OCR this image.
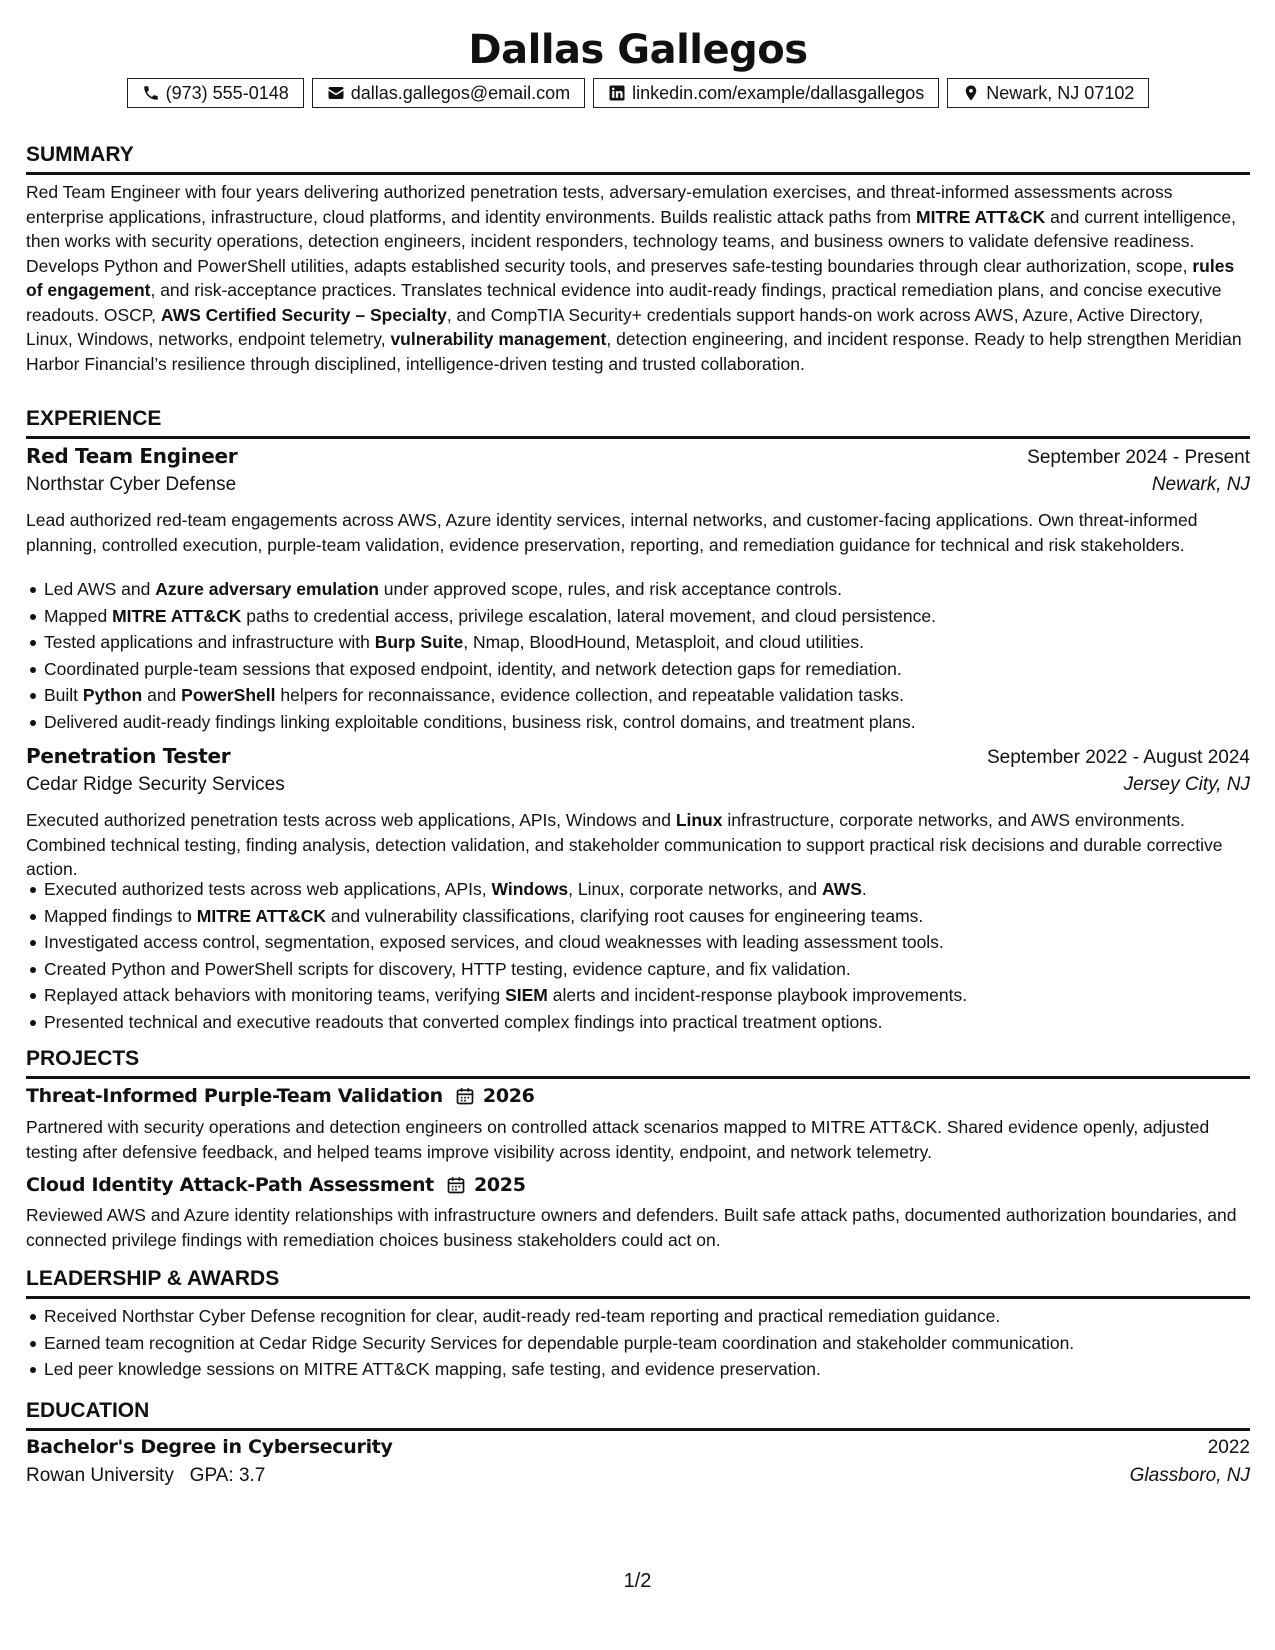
Dallas Gallegos
(973) 555-0148	dallas.gallegos@email.com	linkedin.com/example/dallasgallegos	Newark, NJ 07102
SUMMARY
Red Team Engineer with four years delivering authorized penetration tests, adversary-emulation exercises, and threat-informed assessments across enterprise applications, infrastructure, cloud platforms, and identity environments. Builds realistic attack paths from MITRE ATT&CK and current intelligence, then works with security operations, detection engineers, incident responders, technology teams, and business owners to validate defensive readiness. Develops Python and PowerShell utilities, adapts established security tools, and preserves safe-testing boundaries through clear authorization, scope, rules of engagement, and risk-acceptance practices. Translates technical evidence into audit-ready findings, practical remediation plans, and concise executive readouts. OSCP, AWS Certified Security – Specialty, and CompTIA Security+ credentials support hands-on work across AWS, Azure, Active Directory, Linux, Windows, networks, endpoint telemetry, vulnerability management, detection engineering, and incident response. Ready to help strengthen Meridian Harbor Financial’s resilience through disciplined, intelligence-driven testing and trusted collaboration.
EXPERIENCE
Red Team Engineer	September 2024 - Present
Northstar Cyber Defense	Newark, NJ
Lead authorized red-team engagements across AWS, Azure identity services, internal networks, and customer-facing applications. Own threat-informed planning, controlled execution, purple-team validation, evidence preservation, reporting, and remediation guidance for technical and risk stakeholders.
Led AWS and Azure adversary emulation under approved scope, rules, and risk acceptance controls.
Mapped MITRE ATT&CK paths to credential access, privilege escalation, lateral movement, and cloud persistence.
Tested applications and infrastructure with Burp Suite, Nmap, BloodHound, Metasploit, and cloud utilities.
Coordinated purple-team sessions that exposed endpoint, identity, and network detection gaps for remediation.
Built Python and PowerShell helpers for reconnaissance, evidence collection, and repeatable validation tasks.
Delivered audit-ready findings linking exploitable conditions, business risk, control domains, and treatment plans.
Penetration Tester	September 2022 - August 2024
Cedar Ridge Security Services	Jersey City, NJ
Executed authorized penetration tests across web applications, APIs, Windows and Linux infrastructure, corporate networks, and AWS environments. Combined technical testing, finding analysis, detection validation, and stakeholder communication to support practical risk decisions and durable corrective action.
Executed authorized tests across web applications, APIs, Windows, Linux, corporate networks, and AWS.
Mapped findings to MITRE ATT&CK and vulnerability classifications, clarifying root causes for engineering teams.
Investigated access control, segmentation, exposed services, and cloud weaknesses with leading assessment tools.
Created Python and PowerShell scripts for discovery, HTTP testing, evidence capture, and fix validation.
Replayed attack behaviors with monitoring teams, verifying SIEM alerts and incident-response playbook improvements.
Presented technical and executive readouts that converted complex findings into practical treatment options.
PROJECTS
Threat-Informed Purple-Team Validation 2026
Partnered with security operations and detection engineers on controlled attack scenarios mapped to MITRE ATT&CK. Shared evidence openly, adjusted testing after defensive feedback, and helped teams improve visibility across identity, endpoint, and network telemetry.
Cloud Identity Attack-Path Assessment 2025
Reviewed AWS and Azure identity relationships with infrastructure owners and defenders. Built safe attack paths, documented authorization boundaries, and connected privilege findings with remediation choices business stakeholders could act on.
LEADERSHIP & AWARDS
Received Northstar Cyber Defense recognition for clear, audit-ready red-team reporting and practical remediation guidance.
Earned team recognition at Cedar Ridge Security Services for dependable purple-team coordination and stakeholder communication.
Led peer knowledge sessions on MITRE ATT&CK mapping, safe testing, and evidence preservation.
EDUCATION
Bachelor's Degree in Cybersecurity	2022
Rowan University GPA: 3.7	Glassboro, NJ
1/2
